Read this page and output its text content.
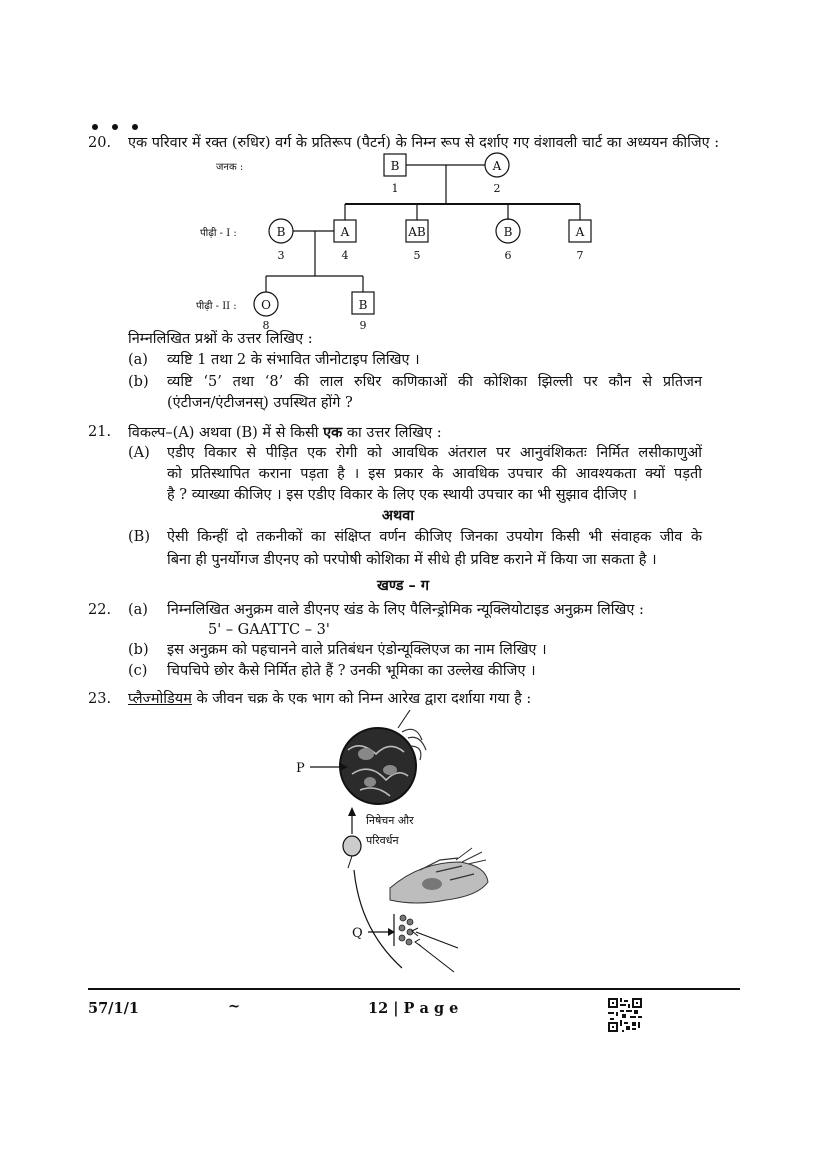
20. एक परिवार में रक्त (रुधिर) वर्ग के प्रतिरूप (पैटर्न) के निम्न रूप से दर्शाए गए वंशावली चार्ट का अध्ययन कीजिए :
B	A
B	A	AB	B	A
O	B
1	2
3	4	5	6	7
8	9
जनक :
पीढ़ी - I :
पीढ़ी - II :
निम्नलिखित प्रश्नों के उत्तर लिखिए :
(a) व्यष्टि 1 तथा 2 के संभावित जीनोटाइप लिखिए ।
(b) व्यष्टि ‘5’ तथा ‘8’ की लाल रुधिर कणिकाओं की कोशिका झिल्ली पर कौन से प्रतिजन
(एंटीजन/एंटीजनस्) उपस्थित होंगे ?
21. विकल्प–(A) अथवा (B) में से किसी एक का उत्तर लिखिए :
(A) एडीए विकार से पीड़ित एक रोगी को आवधिक अंतराल पर आनुवंशिकतः निर्मित लसीकाणुओं
को प्रतिस्थापित कराना पड़ता है । इस प्रकार के आवधिक उपचार की आवश्यकता क्यों पड़ती
है ? व्याख्या कीजिए । इस एडीए विकार के लिए एक स्थायी उपचार का भी सुझाव दीजिए ।
अथवा
(B) ऐसी किन्हीं दो तकनीकों का संक्षिप्त वर्णन कीजिए जिनका उपयोग किसी भी संवाहक जीव के
बिना ही पुनर्योगज डीएनए को परपोषी कोशिका में सीधे ही प्रविष्ट कराने में किया जा सकता है ।
खण्ड – ग
22. (a) निम्नलिखित अनुक्रम वाले डीएनए खंड के लिए पैलिन्ड्रोमिक न्यूक्लियोटाइड अनुक्रम लिखिए :
5' – GAATTC – 3'
(b) इस अनुक्रम को पहचानने वाले प्रतिबंधन एंडोन्यूक्लिएज का नाम लिखिए ।
(c) चिपचिपे छोर कैसे निर्मित होते हैं ? उनकी भूमिका का उल्लेख कीजिए ।
23. प्लैज्मोडियम के जीवन चक्र के एक भाग को निम्न आरेख द्वारा दर्शाया गया है :
P
निषेचन और
परिवर्धन
Q
57/1/1	~	12 | P a g e
